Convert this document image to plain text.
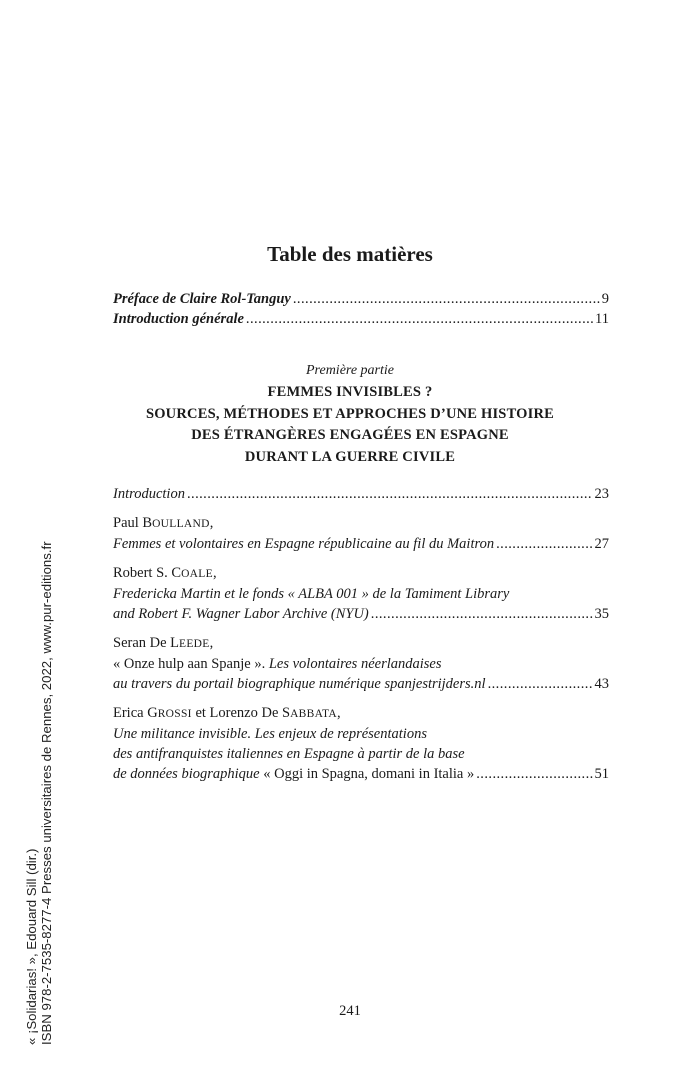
« ¡Solidarias! », Edouard Sill (dir.) ISBN 978-2-7535-8277-4 Presses universitaires de Rennes, 2022, www.pur-editions.fr
Table des matières
Préface de Claire Rol-Tanguy . . .	9
Introduction générale . . .	11
Première partie
FEMMES INVISIBLES ?
SOURCES, MÉTHODES ET APPROCHES D’UNE HISTOIRE
DES ÉTRANGÈRES ENGAGÉES EN ESPAGNE
DURANT LA GUERRE CIVILE
Introduction . . .	23
Paul BOULLAND,
Femmes et volontaires en Espagne républicaine au fil du Maitron . . .	27
Robert S. COALE,
Fredericka Martin et le fonds « ALBA 001 » de la Tamiment Library
and Robert F. Wagner Labor Archive (NYU) . . .	35
Seran De LEEDE,
« Onze hulp aan Spanje ». Les volontaires néerlandaises
au travers du portail biographique numérique spanjestrijders.nl . . .	43
Erica GROSSI et Lorenzo De SABBATA,
Une militance invisible. Les enjeux de représentations
des antifranquistes italiennes en Espagne à partir de la base
de données biographique « Oggi in Spagna, domani in Italia » . . .	51
241
